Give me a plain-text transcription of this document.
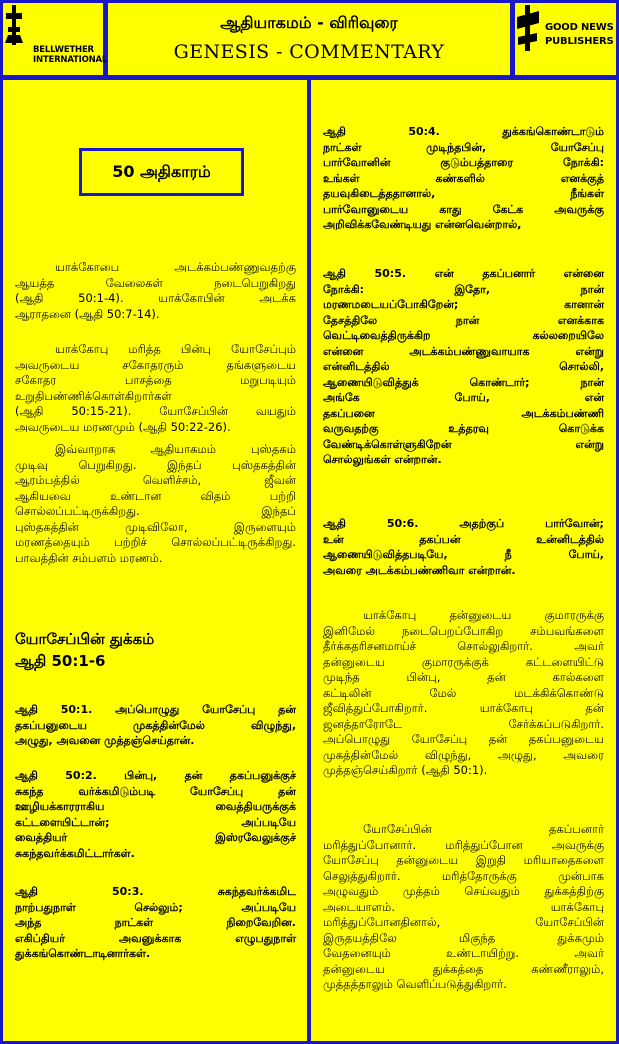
BELLWETHER
INTERNATIONAL
ஆதியாகமம் - விரிவுரை
GENESIS - COMMENTARY
GOOD NEWS
PUBLISHERS
50 அதிகாரம்
யோசேப்பின் துக்கம்
ஆதி 50:1-6
யாக்கோபை	அடக்கம்பண்ணுவதற்கு
ஆயத்த	வேலைகள்	நடைபெறுகிறது
(ஆதி	50:1-4).	யாக்கோபின்	அடக்க
ஆராதனை (ஆதி 50:7-14).
யாக்கோபு மரித்த பின்பு யோசேப்பும்
அவருடைய	சகோதரரும்	தங்களுடைய
சகோதர	பாசத்தை	மறுபடியும்
உறுதிபண்ணிக்கொள்கிறார்கள்
(ஆதி 50:15-21). யோசேப்பின் வயதும்
அவருடைய மரணமும் (ஆதி 50:22-26).
இவ்வாறாக	ஆதியாகமம்	புஸ்தகம்
முடிவு	பெறுகிறது.	இந்தப்	புஸ்தகத்தின்
ஆரம்பத்தில்	வெளிச்சம்,	ஜீவன்
ஆகியவை	உண்டான	விதம்	பற்றி
சொல்லப்பட்டிருக்கிறது.	இந்தப்
புஸ்தகத்தின்	முடிவிலோ,	இருளையும்
மரணத்தையும் பற்றிச் சொல்லப்பட்டிருக்கிறது.
பாவத்தின் சம்பளம் மரணம்.
ஆதி 50:1. அப்பொழுது யோசேப்பு தன்
தகப்பனுடைய	முகத்தின்மேல்	விழுந்து,
அழுது, அவனை முத்தஞ்செய்தான்.
ஆதி 50:2. பின்பு, தன் தகப்பனுக்குச்
சுகந்த	வர்க்கமிடும்படி	யோசேப்பு	தன்
ஊழியக்காரராகிய	வைத்தியருக்குக்
கட்டளையிட்டான்;	அப்படியே
வைத்தியர்	இஸ்ரவேலுக்குச்
சுகந்தவர்க்கமிட்டார்கள்.
ஆதி	50:3.	சுகந்தவர்க்கமிட
நாற்பதுநாள்	செல்லும்;	அப்படியே
அந்த	நாட்கள்	நிறைவேறின.
எகிப்தியர்	அவனுக்காக	எழுபதுநாள்
துக்கங்கொண்டாடினார்கள்.
ஆதி	50:4.	துக்கங்கொண்டாடும்
நாட்கள்	முடிந்தபின்,	யோசேப்பு
பார்வோனின்	குடும்பத்தாரை	நோக்கி:
உங்கள்	கண்களில்	எனக்குத்
தயவுகிடைத்ததானால்,	நீங்கள்
பார்வோனுடைய	காது	கேட்க	அவருக்கு
அறிவிக்கவேண்டியது என்னவென்றால்,
ஆதி	50:5.	என்	தகப்பனார்	என்னை
நோக்கி:	இதோ,	நான்
மரணமடையப்போகிறேன்;	கானான்
தேசத்திலே	நான்	எனக்காக
வெட்டிவைத்திருக்கிற	கல்லறையிலே
என்னை	அடக்கம்பண்ணுவாயாக	என்று
என்னிடத்தில்	சொல்லி,
ஆணையிடுவித்துக்	கொண்டார்;	நான்
அங்கே	போய்,	என்
தகப்பனை	அடக்கம்பண்ணி
வருவதற்கு	உத்தரவு	கொடுக்க
வேண்டிக்கொள்ளுகிறேன்	என்று
சொல்லுங்கள் என்றான்.
ஆதி	50:6.	அதற்குப்	பார்வோன்;
உன்	தகப்பன்	உன்னிடத்தில்
ஆணையிடுவித்தபடியே,	நீ	போய்,
அவரை அடக்கம்பண்ணிவா என்றான்.
யாக்கோபு	தன்னுடைய	குமாரருக்கு
இனிமேல் நடைபெறப்போகிற சம்பவங்களை
தீர்க்கதரிசனமாய்ச்	சொல்லுகிறார்.	அவர்
தன்னுடைய	குமாரருக்குக்	கட்டளையிட்டு
முடிந்த	பின்பு,	தன்	கால்களை
கட்டிலின்	மேல்	மடக்கிக்கொண்டு
ஜீவித்துப்போகிறார்.	யாக்கோபு	தன்
ஜனத்தாரோடே	சேர்க்கப்படுகிறார்.
அப்பொழுது யோசேப்பு தன் தகப்பனுடைய
முகத்தின்மேல் விழுந்து, அழுது, அவரை
முத்தஞ்செய்கிறார் (ஆதி 50:1).
யோசேப்பின்	தகப்பனார்
மரித்துப்போனார்.	மரித்துப்போன	அவருக்கு
யோசேப்பு தன்னுடைய இறுதி மரியாதைகளை
செலுத்துகிறார்.	மரித்தோருக்கு	முன்பாக
அழுவதும் முத்தம் செய்வதும் துக்கத்திற்கு
அடையாளம்.	யாக்கோபு
மரித்துப்போனதினால்,	யோசேப்பின்
இருதயத்திலே	மிகுந்த	துக்கமும்
வேதனையும்	உண்டாயிற்று.	அவர்
தன்னுடைய	துக்கத்தை	கண்ணீராலும்,
முத்தத்தாலும் வெளிப்படுத்துகிறார்.
